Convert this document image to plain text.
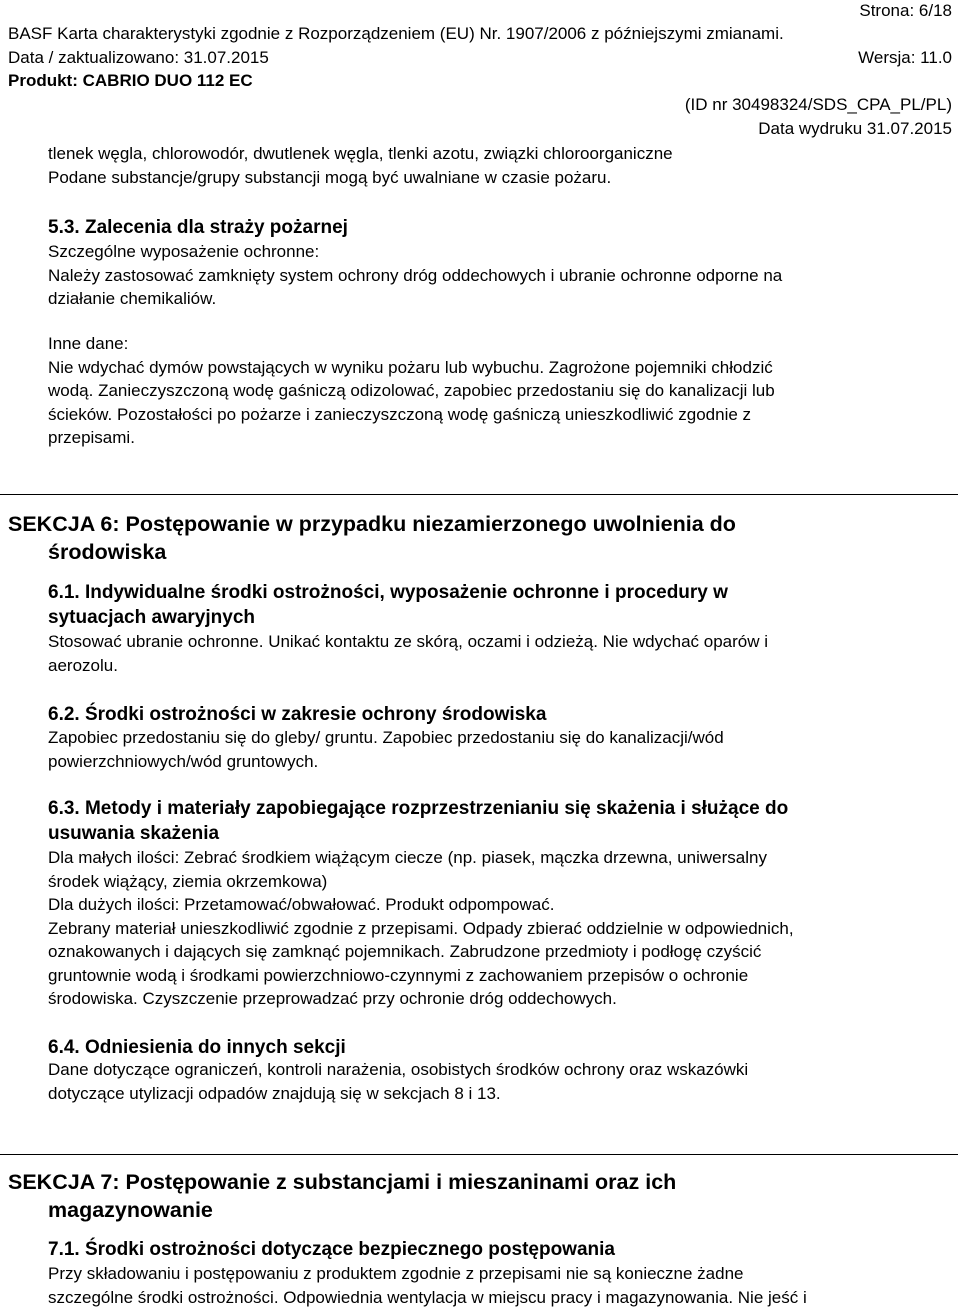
Strona: 6/18
BASF Karta charakterystyki zgodnie z Rozporządzeniem (EU) Nr. 1907/2006 z późniejszymi zmianami.
Data / zaktualizowano: 31.07.2015	Wersja: 11.0
Produkt: CABRIO DUO 112 EC
(ID nr 30498324/SDS_CPA_PL/PL)
Data wydruku 31.07.2015
tlenek węgla, chlorowodór, dwutlenek węgla, tlenki azotu, związki chloroorganiczne
Podane substancje/grupy substancji mogą być uwalniane w czasie pożaru.
5.3. Zalecenia dla straży pożarnej
Szczególne wyposażenie ochronne:
Należy zastosować zamknięty system ochrony dróg oddechowych i ubranie ochronne odporne na
działanie chemikaliów.
Inne dane:
Nie wdychać dymów powstających w wyniku pożaru lub wybuchu. Zagrożone pojemniki chłodzić
wodą. Zanieczyszczoną wodę gaśniczą odizolować, zapobiec przedostaniu się do kanalizacji lub
ścieków. Pozostałości po pożarze i zanieczyszczoną wodę gaśniczą unieszkodliwić zgodnie z
przepisami.
SEKCJA 6: Postępowanie w przypadku niezamierzonego uwolnienia do
środowiska
6.1. Indywidualne środki ostrożności, wyposażenie ochronne i procedury w
sytuacjach awaryjnych
Stosować ubranie ochronne. Unikać kontaktu ze skórą, oczami i odzieżą. Nie wdychać oparów i
aerozolu.
6.2. Środki ostrożności w zakresie ochrony środowiska
Zapobiec przedostaniu się do gleby/ gruntu. Zapobiec przedostaniu się do kanalizacji/wód
powierzchniowych/wód gruntowych.
6.3. Metody i materiały zapobiegające rozprzestrzenianiu się skażenia i służące do
usuwania skażenia
Dla małych ilości: Zebrać środkiem wiążącym ciecze (np. piasek, mączka drzewna, uniwersalny
środek wiążący, ziemia okrzemkowa)
Dla dużych ilości: Przetamować/obwałować. Produkt odpompować.
Zebrany materiał unieszkodliwić zgodnie z przepisami. Odpady zbierać oddzielnie w odpowiednich,
oznakowanych i dających się zamknąć pojemnikach. Zabrudzone przedmioty i podłogę czyścić
gruntownie wodą i środkami powierzchniowo-czynnymi z zachowaniem przepisów o ochronie
środowiska. Czyszczenie przeprowadzać przy ochronie dróg oddechowych.
6.4. Odniesienia do innych sekcji
Dane dotyczące ograniczeń, kontroli narażenia, osobistych środków ochrony oraz wskazówki
dotyczące utylizacji odpadów znajdują się w sekcjach 8 i 13.
SEKCJA 7: Postępowanie z substancjami i mieszaninami oraz ich
magazynowanie
7.1. Środki ostrożności dotyczące bezpiecznego postępowania
Przy składowaniu i postępowaniu z produktem zgodnie z przepisami nie są konieczne żadne
szczególne środki ostrożności. Odpowiednia wentylacja w miejscu pracy i magazynowania. Nie jeść i
